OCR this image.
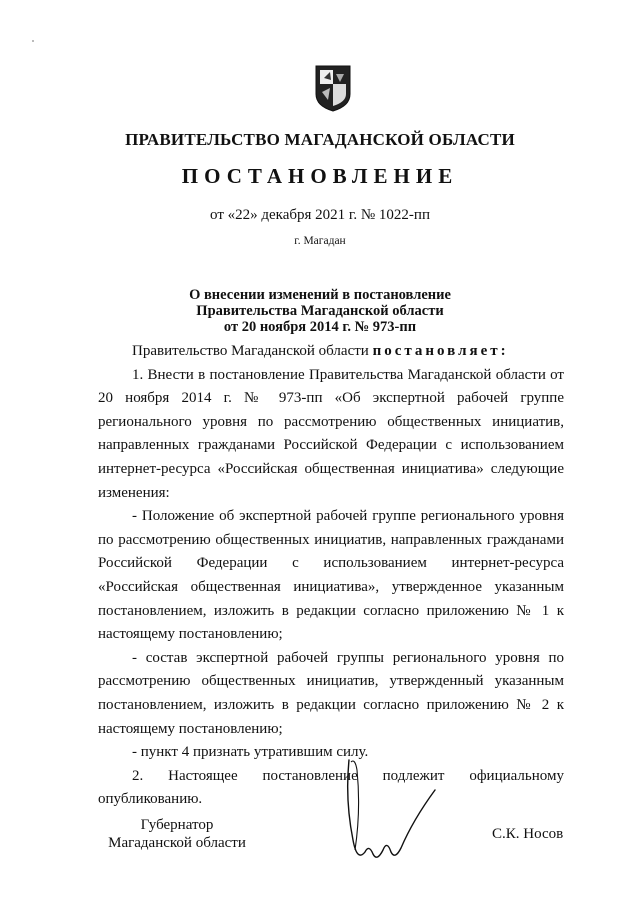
ПРАВИТЕЛЬСТВО МАГАДАНСКОЙ ОБЛАСТИ
ПОСТАНОВЛЕНИЕ
от «22» декабря 2021 г. № 1022-пп
г. Магадан
О внесении изменений в постановление
Правительства Магаданской области
от 20 ноября 2014 г. № 973-пп

Правительство Магаданской области постановляет:

1. Внести в постановление Правительства Магаданской области от 20 ноября 2014 г. № 973-пп «Об экспертной рабочей группе регионального уровня по рассмотрению общественных инициатив, направленных гражданами Российской Федерации с использованием интернет-ресурса «Российская общественная инициатива» следующие изменения:

- Положение об экспертной рабочей группе регионального уровня по рассмотрению общественных инициатив, направленных гражданами Российской Федерации с использованием интернет-ресурса «Российская общественная инициатива», утвержденное указанным постановлением, изложить в редакции согласно приложению № 1 к настоящему постановлению;

- состав экспертной рабочей группы регионального уровня по рассмотрению общественных инициатив, утвержденный указанным постановлением, изложить в редакции согласно приложению № 2 к настоящему постановлению;

- пункт 4 признать утратившим силу.

2. Настоящее постановление подлежит официальному опубликованию.

Губернатор
Магаданской области
С.К. Носов
